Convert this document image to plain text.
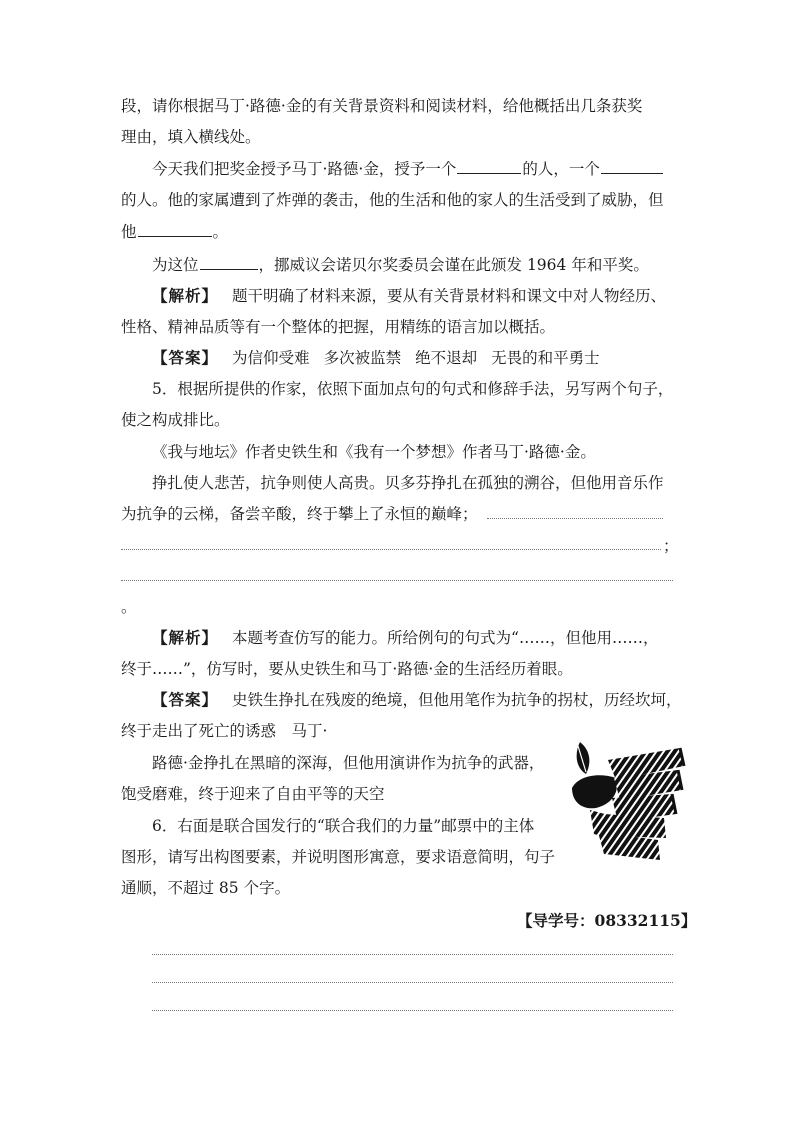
段，请你根据马丁·路德·金的有关背景资料和阅读材料，给他概括出几条获奖
理由，填入横线处。
今天我们把奖金授予马丁·路德·金，授予一个	的人，一个
的人。他的家属遭到了炸弹的袭击，他的生活和他的家人的生活受到了威胁，但
他	。
为这位	，挪威议会诺贝尔奖委员会谨在此颁发 1964 年和平奖。
【 解析 】 题干明确了材料来源，要从有关背景材料和课文中对人物经历、
性格、精神品质等有一个整体的把握，用精练的语言加以概括。
【 答案 】 为信仰受难 多次被监禁 绝不退却 无畏的和平勇士
5．根据所提供的作家，依照下面加点句的句式和修辞手法，另写两个句子，
使之构成排比。
《我与地坛》作者史铁生和《我有一个梦想》作者马丁·路德·金。
挣扎使人悲苦，抗争则使人高贵。贝多芬挣扎在孤独的溯谷，但他用音乐作
为抗争的云梯，备尝辛酸，终于攀上了永恒的巅峰；
；
。
【 解析 】 本题考查仿写的能力。所给例句的句式为“……，但他用……，
终于……”，仿写时，要从史铁生和马丁·路德·金的生活经历着眼。
【 答案 】 史铁生挣扎在残废的绝境，但他用笔作为抗争的拐杖，历经坎坷，
终于走出了死亡的诱惑　马丁·
路德·金挣扎在黑暗的深海，但他用演讲作为抗争的武器，
饱受磨难，终于迎来了自由平等的天空
6．右面是联合国发行的“联合我们的力量”邮票中的主体
图形，请写出构图要素，并说明图形寓意，要求语意简明，句子
通顺，不超过 85 个字。
【导学号：08332115】
